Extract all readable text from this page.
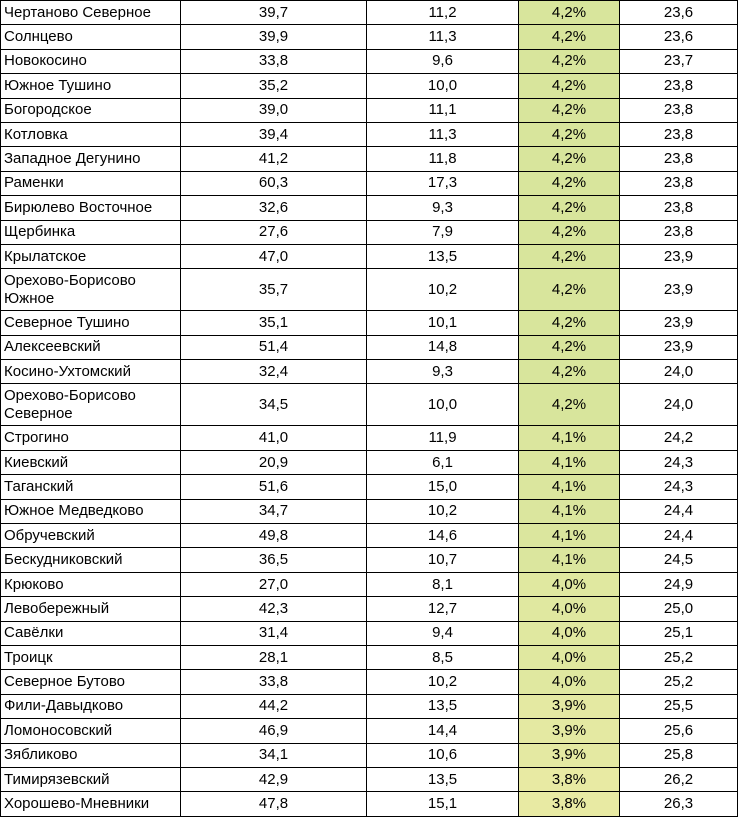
Чертаново Северное	39,7	11,2	4,2%	23,6
Солнцево	39,9	11,3	4,2%	23,6
Новокосино	33,8	9,6	4,2%	23,7
Южное Тушино	35,2	10,0	4,2%	23,8
Богородское	39,0	11,1	4,2%	23,8
Котловка	39,4	11,3	4,2%	23,8
Западное Дегунино	41,2	11,8	4,2%	23,8
Раменки	60,3	17,3	4,2%	23,8
Бирюлево Восточное	32,6	9,3	4,2%	23,8
Щербинка	27,6	7,9	4,2%	23,8
Крылатское	47,0	13,5	4,2%	23,9
Орехово-Борисово Южное	35,7	10,2	4,2%	23,9
Северное Тушино	35,1	10,1	4,2%	23,9
Алексеевский	51,4	14,8	4,2%	23,9
Косино-Ухтомский	32,4	9,3	4,2%	24,0
Орехово-Борисово Северное	34,5	10,0	4,2%	24,0
Строгино	41,0	11,9	4,1%	24,2
Киевский	20,9	6,1	4,1%	24,3
Таганский	51,6	15,0	4,1%	24,3
Южное Медведково	34,7	10,2	4,1%	24,4
Обручевский	49,8	14,6	4,1%	24,4
Бескудниковский	36,5	10,7	4,1%	24,5
Крюково	27,0	8,1	4,0%	24,9
Левобережный	42,3	12,7	4,0%	25,0
Савёлки	31,4	9,4	4,0%	25,1
Троицк	28,1	8,5	4,0%	25,2
Северное Бутово	33,8	10,2	4,0%	25,2
Фили-Давыдково	44,2	13,5	3,9%	25,5
Ломоносовский	46,9	14,4	3,9%	25,6
Зябликово	34,1	10,6	3,9%	25,8
Тимирязевский	42,9	13,5	3,8%	26,2
Хорошево-Мневники	47,8	15,1	3,8%	26,3
